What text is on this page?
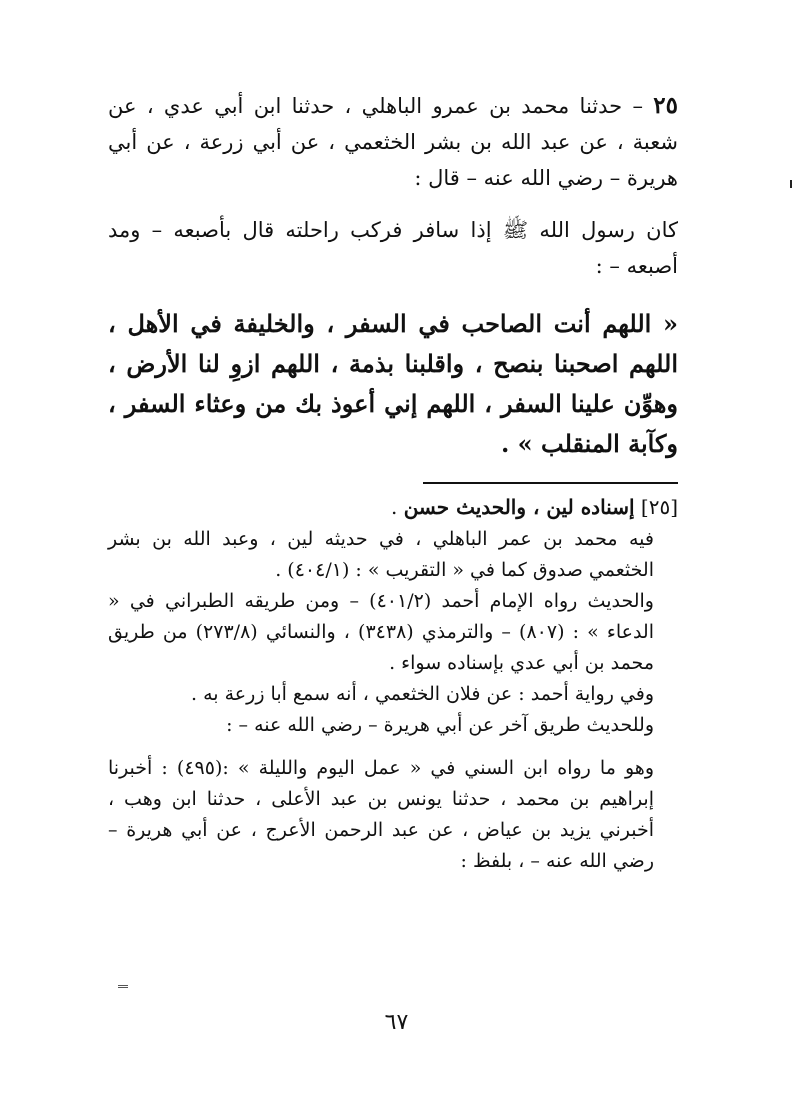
٢٥ – حدثنا محمد بن عمرو الباهلي ، حدثنا ابن أبي عدي ، عن شعبة ، عن عبد الله بن بشر الخثعمي ، عن أبي زرعة ، عن أبي هريرة – رضي الله عنه – قال :

كان رسول الله ﷺ إذا سافر فركب راحلته قال بأصبعه – ومد أصبعه – :

« اللهم أنت الصاحب في السفر ، والخليفة في الأهل ، اللهم اصحبنا بنصح ، واقلبنا بذمة ، اللهم ازوِ لنا الأرض ، وهوِّن علينا السفر ، اللهم إني أعوذ بك من وعثاء السفر ، وكآبة المنقلب » .

[٢٥] إسناده لين ، والحديث حسن .

فيه محمد بن عمر الباهلي ، في حديثه لين ، وعبد الله بن بشر الخثعمي صدوق كما في « التقريب » : (٤٠٤/١) .

والحديث رواه الإمام أحمد (٤٠١/٢) – ومن طريقه الطبراني في « الدعاء » : (٨٠٧) – والترمذي (٣٤٣٨) ، والنسائي (٢٧٣/٨) من طريق محمد بن أبي عدي بإسناده سواء .

وفي رواية أحمد : عن فلان الخثعمي ، أنه سمع أبا زرعة به .

وللحديث طريق آخر عن أبي هريرة – رضي الله عنه – :

وهو ما رواه ابن السني في « عمل اليوم والليلة » :(٤٩٥) : أخبرنا إبراهيم بن محمد ، حدثنا يونس بن عبد الأعلى ، حدثنا ابن وهب ، أخبرني يزيد بن عياض ، عن عبد الرحمن الأعرج ، عن أبي هريرة – رضي الله عنه – ، بلفظ :

٦٧
